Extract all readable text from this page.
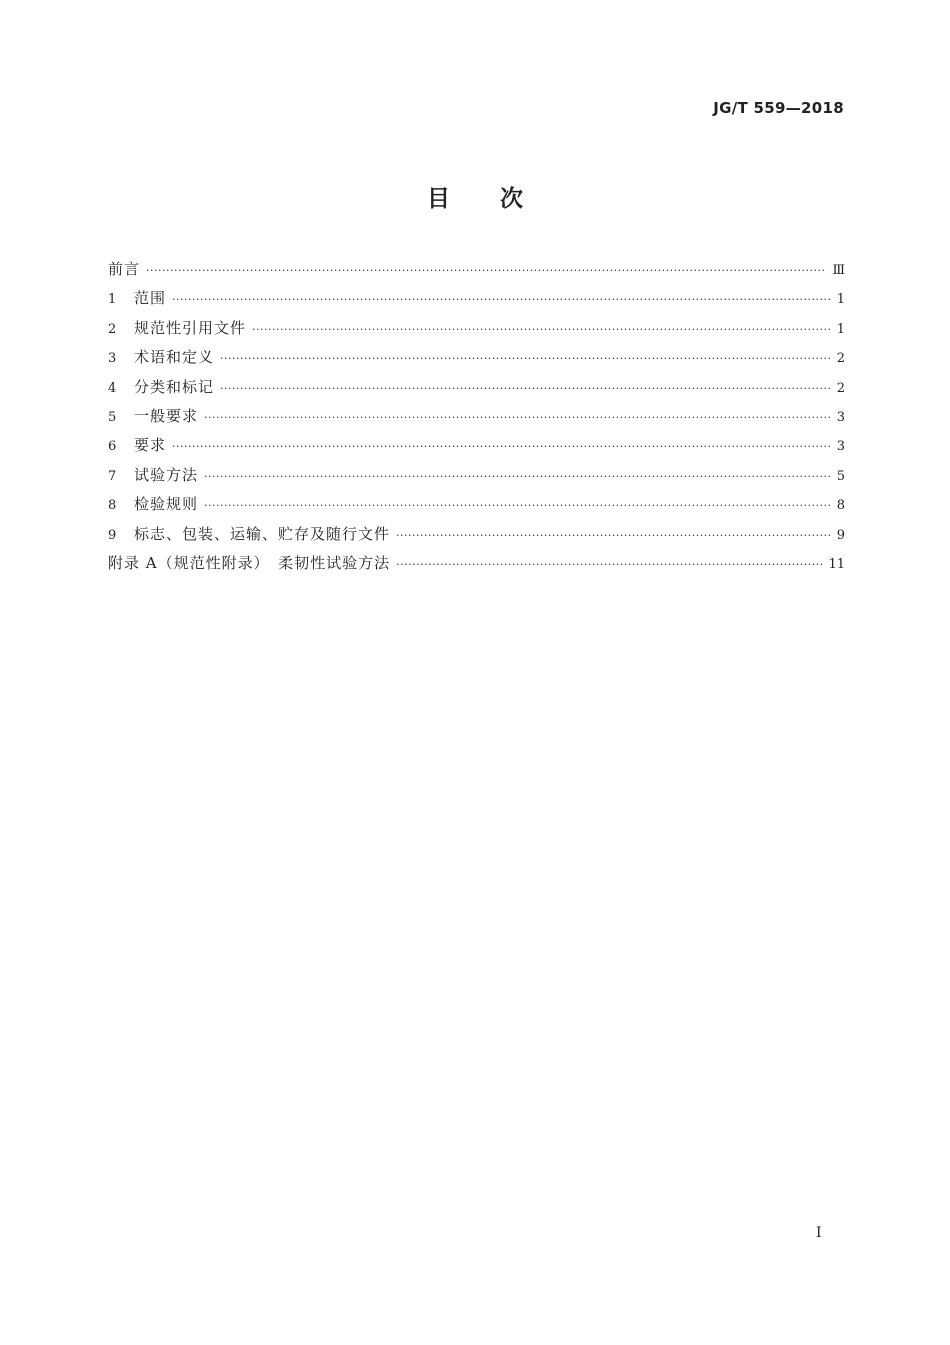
JG/T 559—2018
目次
前言 ·····	Ⅲ
1	范围 ·····	1
2	规范性引用文件 ·····	1
3	术语和定义 ·····	2
4	分类和标记 ·····	2
5	一般要求 ·····	3
6	要求 ·····	3
7	试验方法 ·····	5
8	检验规则 ·····	8
9	标志、包装、运输、贮存及随行文件 ·····	9
附录 A（规范性附录）　柔韧性试验方法 ·····	11
Ⅰ
